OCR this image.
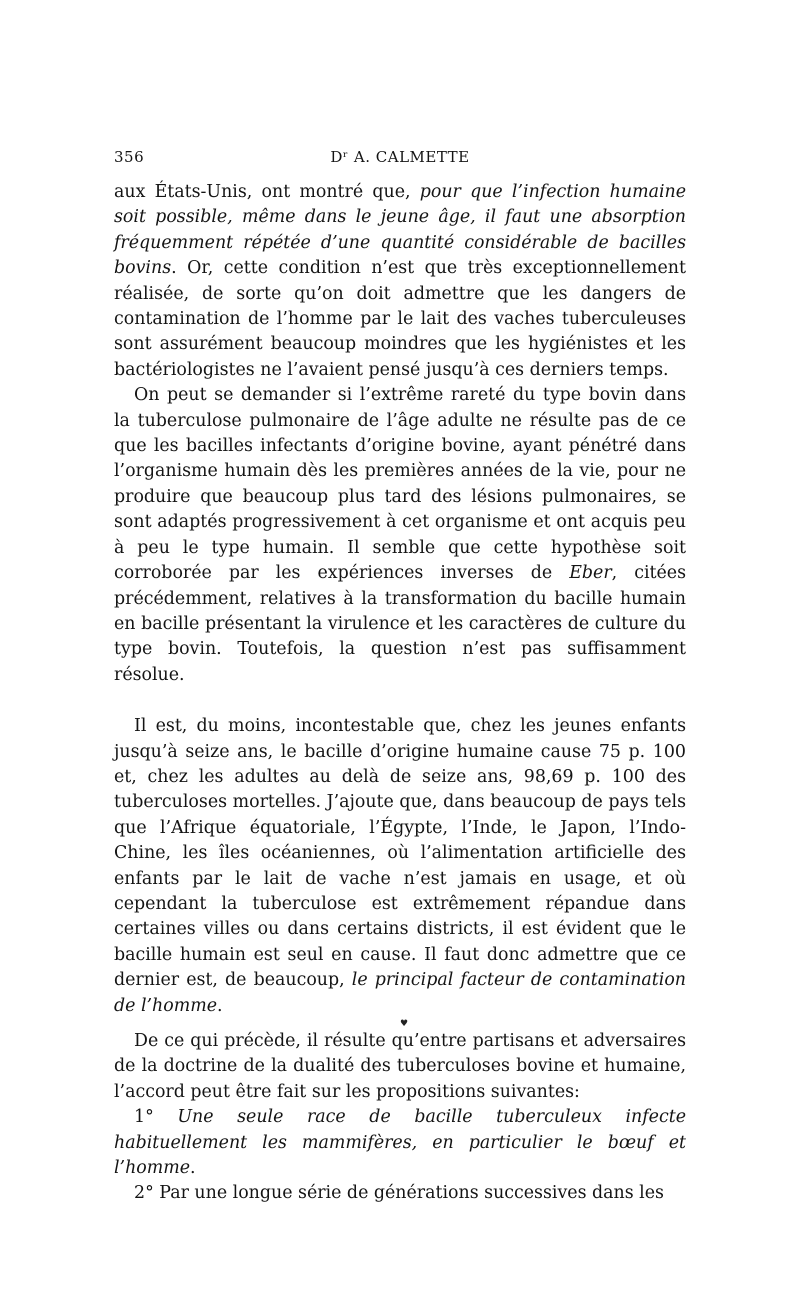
356	Dʳ A. CALMETTE

aux États-Unis, ont montré que, pour que l’infection humaine soit possible, même dans le jeune âge, il faut une absorption fréquemment répétée d’une quantité considérable de bacilles bovins. Or, cette condition n’est que très exceptionnellement réalisée, de sorte qu’on doit admettre que les dangers de contamination de l’homme par le lait des vaches tuberculeuses sont assurément beaucoup moindres que les hygiénistes et les bactériologistes ne l’avaient pensé jusqu’à ces derniers temps.

On peut se demander si l’extrême rareté du type bovin dans la tuberculose pulmonaire de l’âge adulte ne résulte pas de ce que les bacilles infectants d’origine bovine, ayant pénétré dans l’organisme humain dès les premières années de la vie, pour ne produire que beaucoup plus tard des lésions pulmonaires, se sont adaptés progressivement à cet organisme et ont acquis peu à peu le type humain. Il semble que cette hypothèse soit corroborée par les expériences inverses de Eber, citées précédemment, relatives à la transformation du bacille humain en bacille présentant la virulence et les caractères de culture du type bovin. Toutefois, la question n’est pas suffisamment résolue.

Il est, du moins, incontestable que, chez les jeunes enfants jusqu’à seize ans, le bacille d’origine humaine cause 75 p. 100 et, chez les adultes au delà de seize ans, 98,69 p. 100 des tuberculoses mortelles. J’ajoute que, dans beaucoup de pays tels que l’Afrique équatoriale, l’Égypte, l’Inde, le Japon, l’Indo-Chine, les îles océaniennes, où l’alimentation artificielle des enfants par le lait de vache n’est jamais en usage, et où cependant la tuberculose est extrêmement répandue dans certaines villes ou dans certains districts, il est évident que le bacille humain est seul en cause. Il faut donc admettre que ce dernier est, de beaucoup, le principal facteur de contamination de l’homme.

♥

De ce qui précède, il résulte qu’entre partisans et adversaires de la doctrine de la dualité des tuberculoses bovine et humaine, l’accord peut être fait sur les propositions suivantes:

1° Une seule race de bacille tuberculeux infecte habituellement les mammifères, en particulier le bœuf et l’homme.

2° Par une longue série de générations successives dans les
